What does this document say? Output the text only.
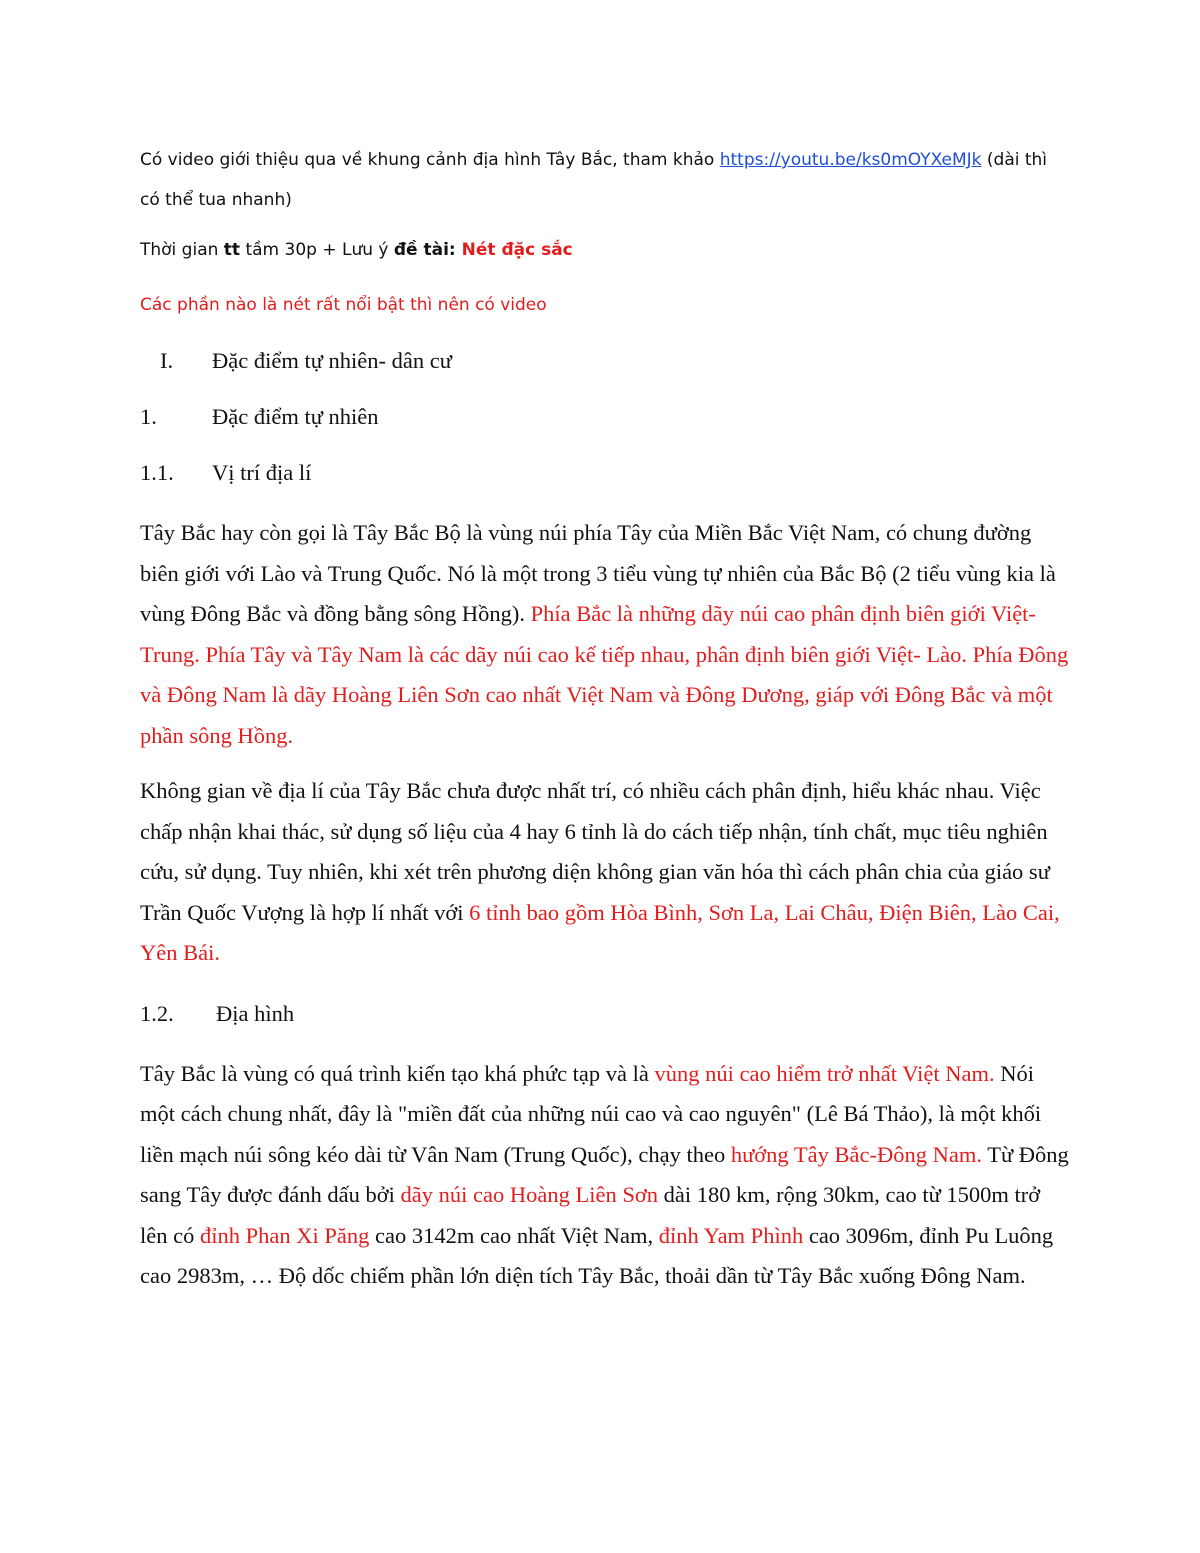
Có video giới thiệu qua về khung cảnh địa hình Tây Bắc, tham khảo https://youtu.be/ks0mOYXeMJk (dài thì có thể tua nhanh)

Thời gian tt tầm 30p + Lưu ý đề tài: Nét đặc sắc

Các phần nào là nét rất nổi bật thì nên có video

I.	Đặc điểm tự nhiên- dân cư
1.	Đặc điểm tự nhiên
1.1.	Vị trí địa lí

Tây Bắc hay còn gọi là Tây Bắc Bộ là vùng núi phía Tây của Miền Bắc Việt Nam, có chung đường biên giới với Lào và Trung Quốc. Nó là một trong 3 tiểu vùng tự nhiên của Bắc Bộ (2 tiểu vùng kia là vùng Đông Bắc và đồng bằng sông Hồng). Phía Bắc là những dãy núi cao phân định biên giới Việt- Trung. Phía Tây và Tây Nam là các dãy núi cao kế tiếp nhau, phân định biên giới Việt- Lào. Phía Đông và Đông Nam là dãy Hoàng Liên Sơn cao nhất Việt Nam và Đông Dương, giáp với Đông Bắc và một phần sông Hồng.

Không gian về địa lí của Tây Bắc chưa được nhất trí, có nhiều cách phân định, hiểu khác nhau. Việc chấp nhận khai thác, sử dụng số liệu của 4 hay 6 tỉnh là do cách tiếp nhận, tính chất, mục tiêu nghiên cứu, sử dụng. Tuy nhiên, khi xét trên phương diện không gian văn hóa thì cách phân chia của giáo sư Trần Quốc Vượng là hợp lí nhất với 6 tỉnh bao gồm Hòa Bình, Sơn La, Lai Châu, Điện Biên, Lào Cai, Yên Bái.

1.2.	Địa hình

Tây Bắc là vùng có quá trình kiến tạo khá phức tạp và là vùng núi cao hiểm trở nhất Việt Nam. Nói một cách chung nhất, đây là "miền đất của những núi cao và cao nguyên" (Lê Bá Thảo), là một khối liền mạch núi sông kéo dài từ Vân Nam (Trung Quốc), chạy theo hướng Tây Bắc-Đông Nam. Từ Đông sang Tây được đánh dấu bởi dãy núi cao Hoàng Liên Sơn dài 180 km, rộng 30km, cao từ 1500m trở lên có đỉnh Phan Xi Păng cao 3142m cao nhất Việt Nam, đỉnh Yam Phình cao 3096m, đỉnh Pu Luông cao 2983m, … Độ dốc chiếm phần lớn diện tích Tây Bắc, thoải dần từ Tây Bắc xuống Đông Nam.
